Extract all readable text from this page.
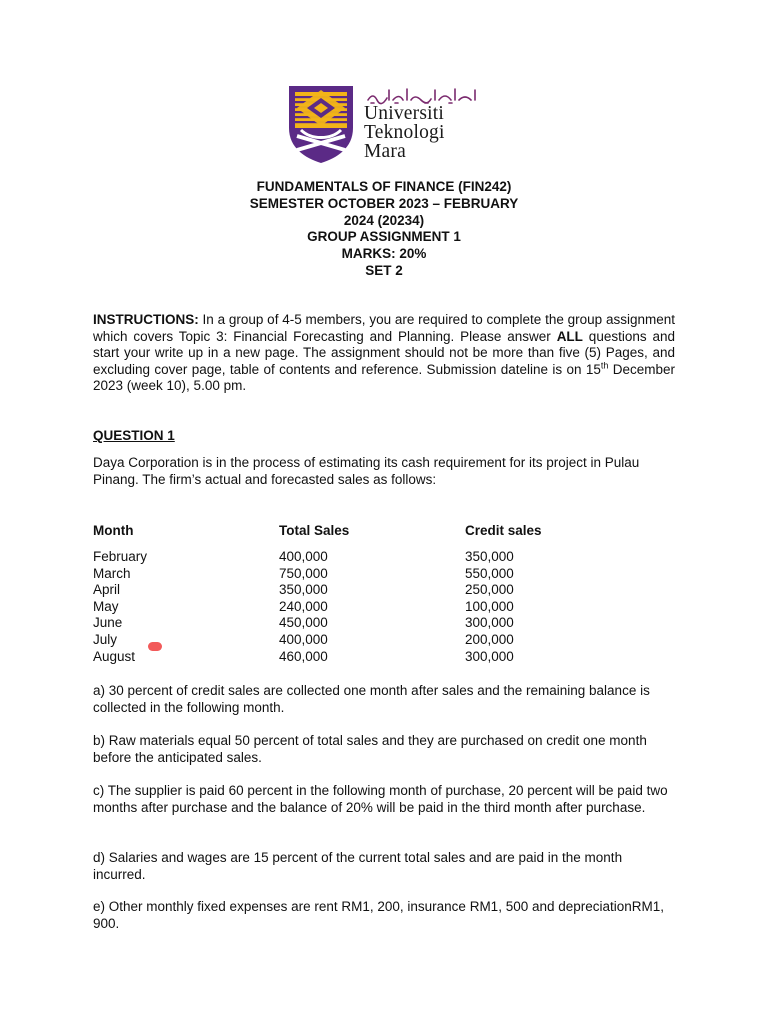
Universiti
Teknologi
Mara
FUNDAMENTALS OF FINANCE (FIN242)
SEMESTER OCTOBER 2023 – FEBRUARY
2024 (20234)
GROUP ASSIGNMENT 1
MARKS: 20%
SET 2
INSTRUCTIONS: In a group of 4-5 members, you are required to complete the group assignment which covers Topic 3: Financial Forecasting and Planning. Please answer ALL questions and start your write up in a new page. The assignment should not be more than five (5) Pages, and excluding cover page, table of contents and reference. Submission dateline is on 15th December 2023 (week 10), 5.00 pm.
QUESTION 1
Daya Corporation is in the process of estimating its cash requirement for its project in Pulau Pinang. The firm’s actual and forecasted sales as follows:
Month	Total Sales	Credit sales
February	400,000	350,000
March	750,000	550,000
April	350,000	250,000
May	240,000	100,000
June	450,000	300,000
July	400,000	200,000
August	460,000	300,000
a) 30 percent of credit sales are collected one month after sales and the remaining balance is collected in the following month.
b) Raw materials equal 50 percent of total sales and they are purchased on credit one month before the anticipated sales.
c) The supplier is paid 60 percent in the following month of purchase, 20 percent will be paid two months after purchase and the balance of 20% will be paid in the third month after purchase.
d) Salaries and wages are 15 percent of the current total sales and are paid in the month incurred.
e) Other monthly fixed expenses are rent RM1, 200, insurance RM1, 500 and depreciationRM1, 900.
